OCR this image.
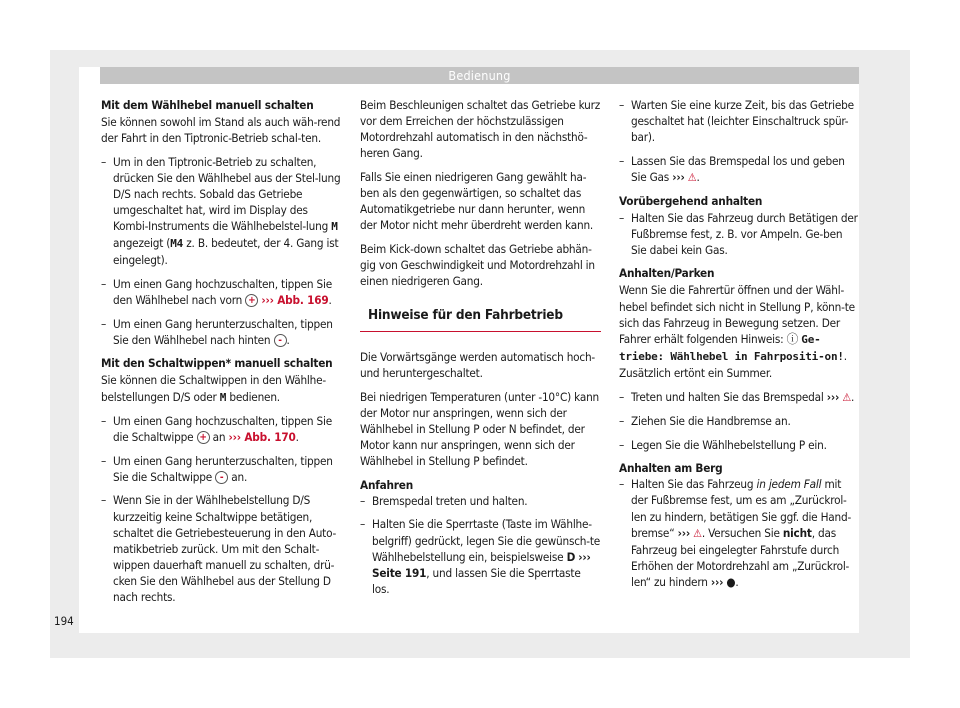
Bedienung

Mit dem Wählhebel manuell schalten

Sie können sowohl im Stand als auch wäh-rend der Fahrt in den Tiptronic-Betrieb schal-ten.

– Um in den Tiptronic-Betrieb zu schalten, drücken Sie den Wählhebel aus der Stel-lung D/S nach rechts. Sobald das Getriebe umgeschaltet hat, wird im Display des Kombi-Instruments die Wählhebelstel-lung M angezeigt (M4 z. B. bedeutet, der 4. Gang ist eingelegt).
– Um einen Gang hochzuschalten, tippen Sie den Wählhebel nach vorn + ››› Abb. 169.
– Um einen Gang herunterzuschalten, tippen Sie den Wählhebel nach hinten - .

Mit den Schaltwippen* manuell schalten

Sie können die Schaltwippen in den Wählhe-belstellungen D/S oder M bedienen.

– Um einen Gang hochzuschalten, tippen Sie die Schaltwippe + an ››› Abb. 170.
– Um einen Gang herunterzuschalten, tippen Sie die Schaltwippe - an.
– Wenn Sie in der Wählhebelstellung D/S kurzzeitig keine Schaltwippe betätigen, schaltet die Getriebesteuerung in den Auto-matikbetrieb zurück. Um mit den Schalt-wippen dauerhaft manuell zu schalten, drü-cken Sie den Wählhebel aus der Stellung D nach rechts.

Beim Beschleunigen schaltet das Getriebe kurz vor dem Erreichen der höchstzulässigen Motordrehzahl automatisch in den nächsthö-heren Gang.

Falls Sie einen niedrigeren Gang gewählt ha-ben als den gegenwärtigen, so schaltet das Automatikgetriebe nur dann herunter, wenn der Motor nicht mehr überdreht werden kann.

Beim Kick-down schaltet das Getriebe abhän-gig von Geschwindigkeit und Motordrehzahl in einen niedrigeren Gang.

Hinweise für den Fahrbetrieb

Die Vorwärtsgänge werden automatisch hoch- und heruntergeschaltet.

Bei niedrigen Temperaturen (unter -10°C) kann der Motor nur anspringen, wenn sich der Wählhebel in Stellung P oder N befindet, der Motor kann nur anspringen, wenn sich der Wählhebel in Stellung P befindet.

Anfahren

– Bremspedal treten und halten.
– Halten Sie die Sperrtaste (Taste im Wählhe-belgriff) gedrückt, legen Sie die gewünsch-te Wählhebelstellung ein, beispielsweise D ››› Seite 191, und lassen Sie die Sperrtaste los.
– Warten Sie eine kurze Zeit, bis das Getriebe geschaltet hat (leichter Einschaltruck spür-bar).
– Lassen Sie das Bremspedal los und geben Sie Gas ››› ⚠.

Vorübergehend anhalten

– Halten Sie das Fahrzeug durch Betätigen der Fußbremse fest, z. B. vor Ampeln. Ge-ben Sie dabei kein Gas.

Anhalten/Parken

Wenn Sie die Fahrertür öffnen und der Wähl-hebel befindet sich nicht in Stellung P, könn-te sich das Fahrzeug in Bewegung setzen. Der Fahrer erhält folgenden Hinweis: ⓘ Ge-triebe: Wählhebel in Fahrpositi-on!. Zusätzlich ertönt ein Summer.

– Treten und halten Sie das Bremspedal ››› ⚠.
– Ziehen Sie die Handbremse an.
– Legen Sie die Wählhebelstellung P ein.

Anhalten am Berg

– Halten Sie das Fahrzeug in jedem Fall mit der Fußbremse fest, um es am „Zurückrol-len zu hindern, betätigen Sie ggf. die Hand-bremse“ ››› ⚠. Versuchen Sie nicht, das Fahrzeug bei eingelegter Fahrstufe durch Erhöhen der Motordrehzahl am „Zurückrol-len“ zu hindern ››› ●.
194
